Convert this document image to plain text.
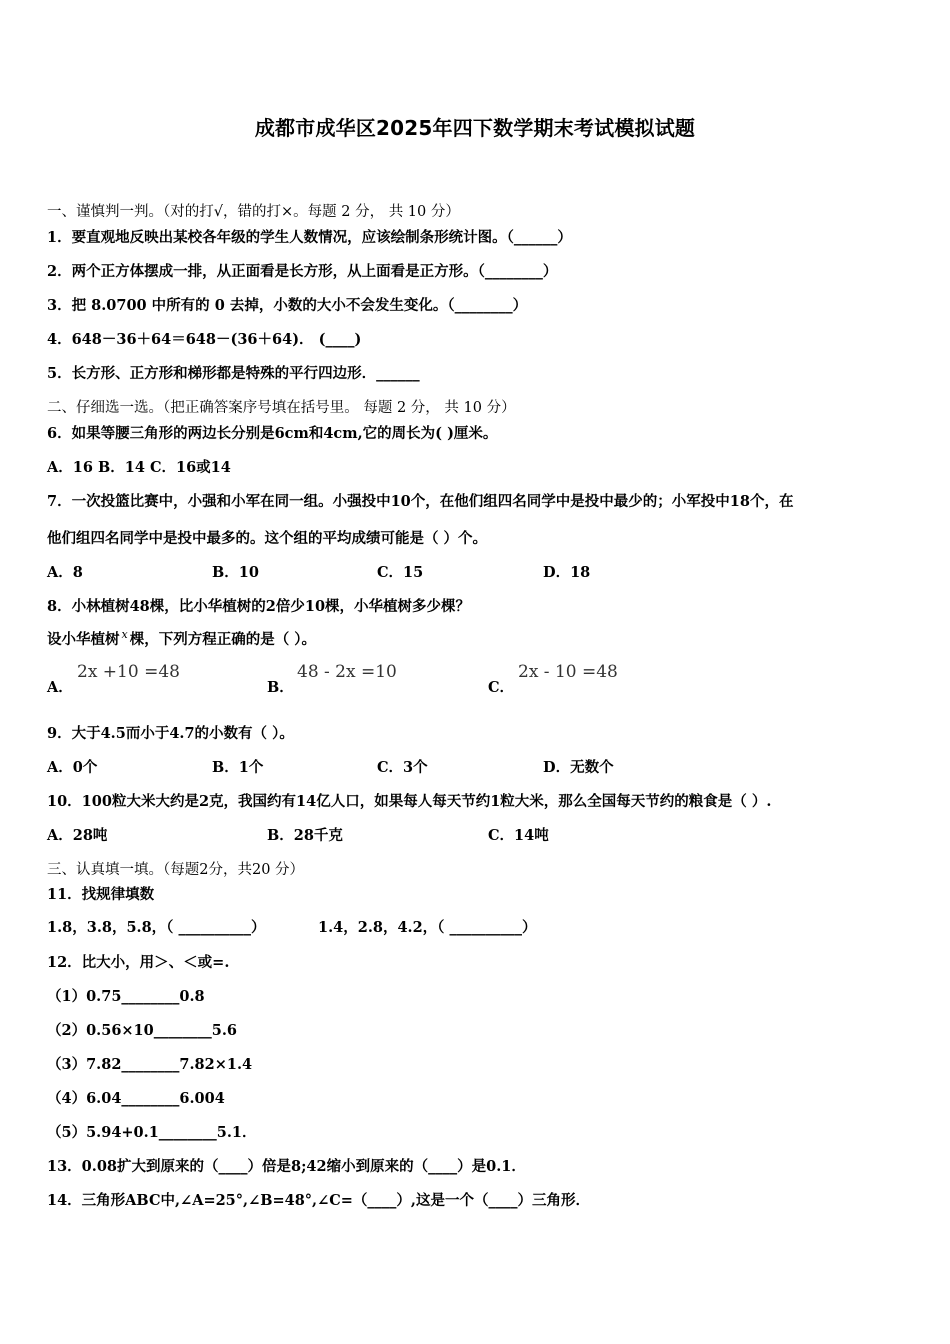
成都市成华区2025年四下数学期末考试模拟试题
一、谨慎判一判。（对的打√，错的打×。每题 2 分， 共 10 分）
1．要直观地反映出某校各年级的学生人数情况，应该绘制条形统计图。（______）
2．两个正方体摆成一排，从正面看是长方形，从上面看是正方形。（________）
3．把 8.0700 中所有的 0 去掉，小数的大小不会发生变化。（________）
4．648－36＋64＝648－(36＋64)． (____)
5．长方形、正方形和梯形都是特殊的平行四边形．______
二、仔细选一选。（把正确答案序号填在括号里。 每题 2 分， 共 10 分）
6．如果等腰三角形的两边长分别是6cm和4cm,它的周长为( )厘米。
A．16 B．14 C．16或14
7．一次投篮比赛中，小强和小军在同一组。小强投中10个，在他们组四名同学中是投中最少的；小军投中18个，在
他们组四名同学中是投中最多的。这个组的平均成绩可能是（ ）个。
A．8	B．10	C．15	D．18
8．小林植树48棵，比小华植树的2倍少10棵，小华植树多少棵？
设小华植树 $^x$ 棵，下列方程正确的是（ ）。
A．
2x +10 =48
B．
48 - 2x =10
C．
2x - 10 =48
9．大于4.5而小于4.7的小数有（ ）。
A．0个	B．1个	C．3个	D．无数个
10．100粒大米大约是2克，我国约有14亿人口，如果每人每天节约1粒大米，那么全国每天节约的粮食是（ ）.
A．28吨	B．28千克	C．14吨
三、认真填一填。（每题2分，共20 分）
11．找规律填数
1.8，3.8，5.8，（ __________）	1.4，2.8，4.2，（ __________）
12．比大小，用＞、＜或=.
（1）0.75________0.8
（2）0.56×10________5.6
（3）7.82________7.82×1.4
（4）6.04________6.004
（5）5.94+0.1________5.1．
13．0.08扩大到原来的（____）倍是8;42缩小到原来的（____）是0.1．
14．三角形ABC中,∠A=25°,∠B=48°,∠C=（____）,这是一个（____）三角形．
